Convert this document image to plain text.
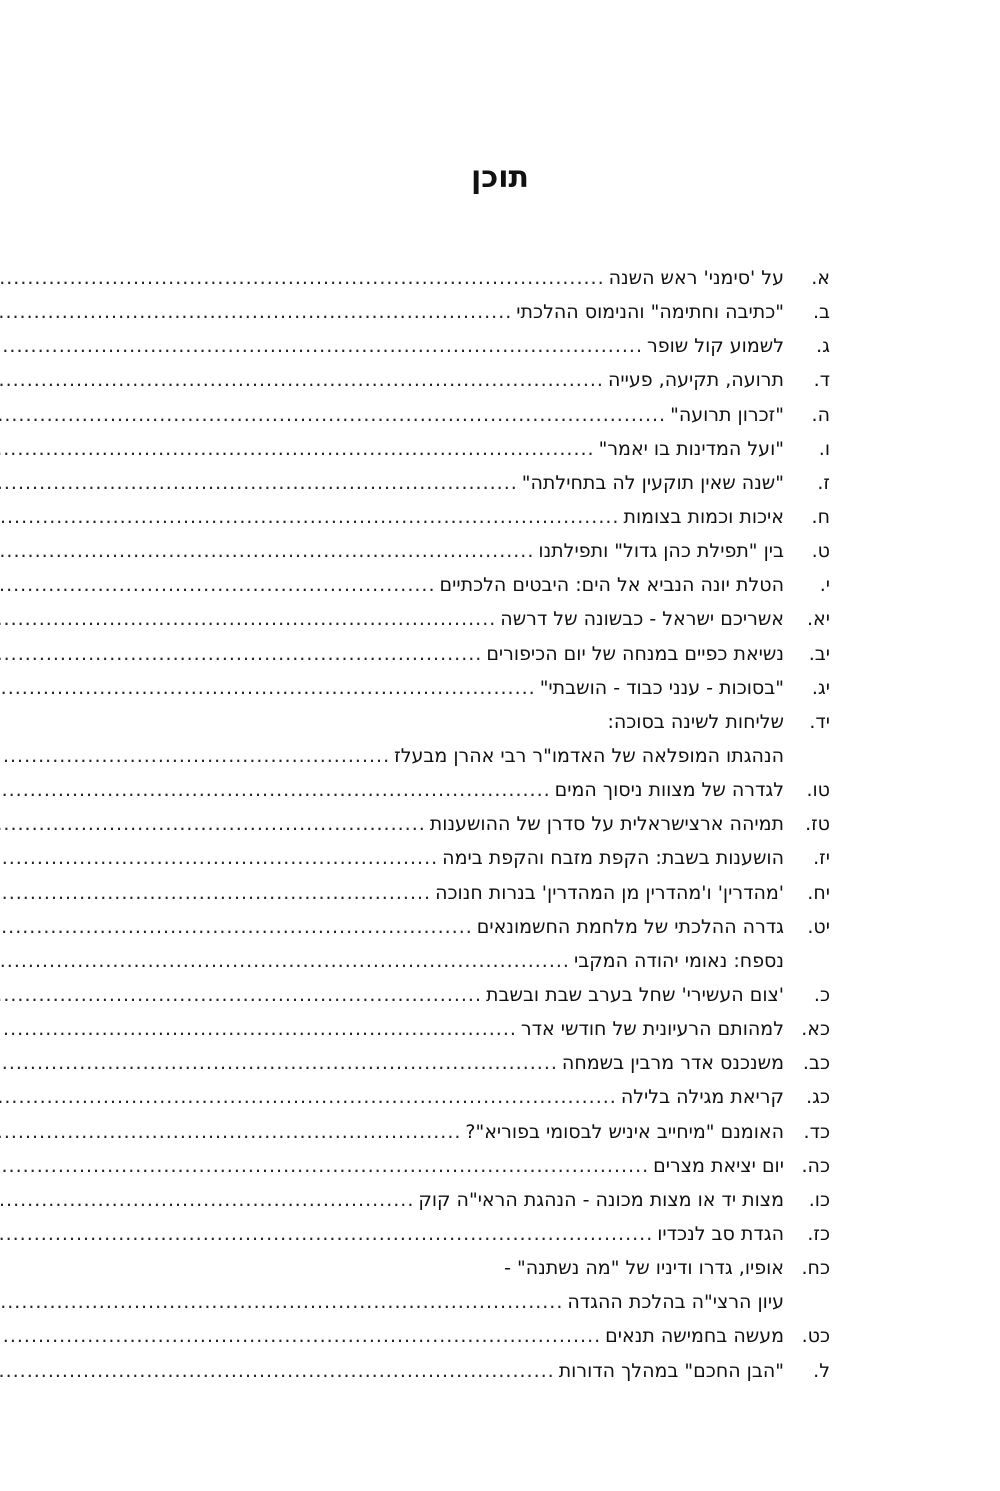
תוכן
א.
על 'סימני' ראש השנה
.....
ב.
"כתיבה וחתימה" והנימוס ההלכתי
.....
ג.
לשמוע קול שופר
.....
ד.
תרועה, תקיעה, פעייה
.....
ה.
"זכרון תרועה"
.....
ו.
"ועל המדינות בו יאמר"
.....
ז.
"שנה שאין תוקעין לה בתחילתה"
.....
ח.
איכות וכמות בצומות
.....
ט.
בין "תפילת כהן גדול" ותפילתנו
.....
י.
הטלת יונה הנביא אל הים: היבטים הלכתיים
.....
יא.
אשריכם ישראל - כבשונה של דרשה
.....
יב.
נשיאת כפיים במנחה של יום הכיפורים
.....
יג.
"בסוכות - ענני כבוד - הושבתי"
.....
יד.
שליחות לשינה בסוכה:
הנהגתו המופלאה של האדמו"ר רבי אהרן מבעלז
.....
טו.
לגדרה של מצוות ניסוך המים
.....
טז.
תמיהה ארצישראלית על סדרן של ההושענות
.....
יז.
הושענות בשבת: הקפת מזבח והקפת בימה
.....
יח.
'מהדרין' ו'מהדרין מן המהדרין' בנרות חנוכה
.....
יט.
גדרה ההלכתי של מלחמת החשמונאים
.....
נספח: נאומי יהודה המקבי
.....
כ.
'צום העשירי' שחל בערב שבת ובשבת
.....
כא.
למהותם הרעיונית של חודשי אדר
.....
כב.
משנכנס אדר מרבין בשמחה
.....
כג.
קריאת מגילה בלילה
.....
כד.
האומנם "מיחייב איניש לבסומי בפוריא"?
.....
כה.
יום יציאת מצרים
.....
כו.
מצות יד או מצות מכונה - הנהגת הראי"ה קוק
.....
כז.
הגדת סב לנכדיו
.....
כח.
אופיו, גדרו ודיניו של "מה נשתנה" -
עיון הרצי"ה בהלכת ההגדה
.....
כט.
מעשה בחמישה תנאים
.....
ל.
"הבן החכם" במהלך הדורות
.....
